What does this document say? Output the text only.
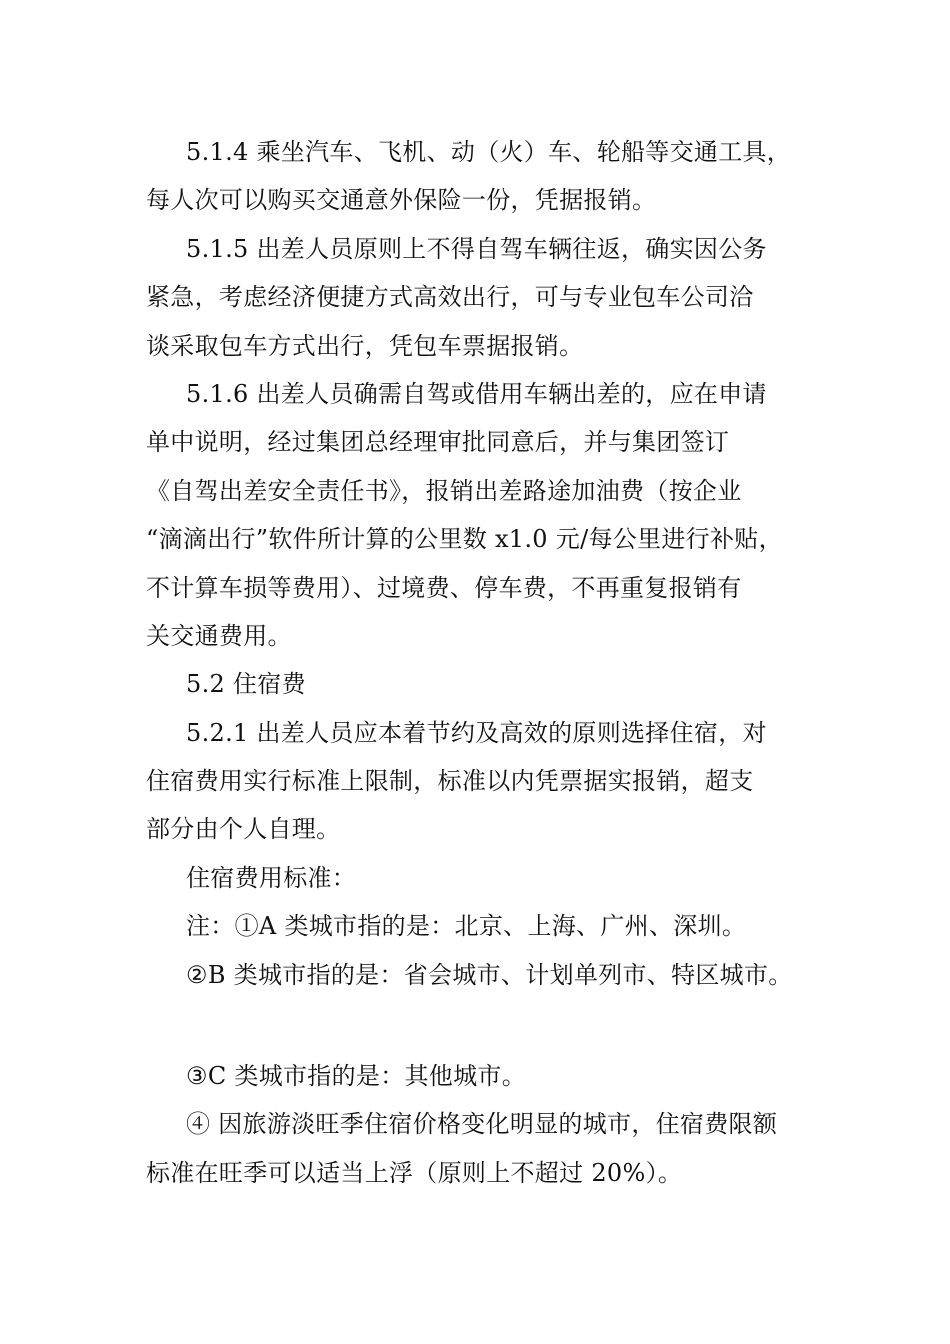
5.1.4 乘坐汽车、飞机、动（火）车、轮船等交通工具，
每人次可以购买交通意外保险一份，凭据报销。
5.1.5 出差人员原则上不得自驾车辆往返，确实因公务
紧急，考虑经济便捷方式高效出行，可与专业包车公司洽
谈采取包车方式出行，凭包车票据报销。
5.1.6 出差人员确需自驾或借用车辆出差的，应在申请
单中说明，经过集团总经理审批同意后，并与集团签订
《自驾出差安全责任书》，报销出差路途加油费（按企业
“滴滴出行”软件所计算的公里数 x1.0 元/每公里进行补贴，
不计算车损等费用）、过境费、停车费，不再重复报销有
关交通费用。
5.2 住宿费
5.2.1 出差人员应本着节约及高效的原则选择住宿，对
住宿费用实行标准上限制，标准以内凭票据实报销，超支
部分由个人自理。
住宿费用标准：
注：①A 类城市指的是：北京、上海、广州、深圳。
②B 类城市指的是：省会城市、计划单列市、特区城市。
③C 类城市指的是：其他城市。
④ 因旅游淡旺季住宿价格变化明显的城市，住宿费限额
标准在旺季可以适当上浮（原则上不超过 20%）。
